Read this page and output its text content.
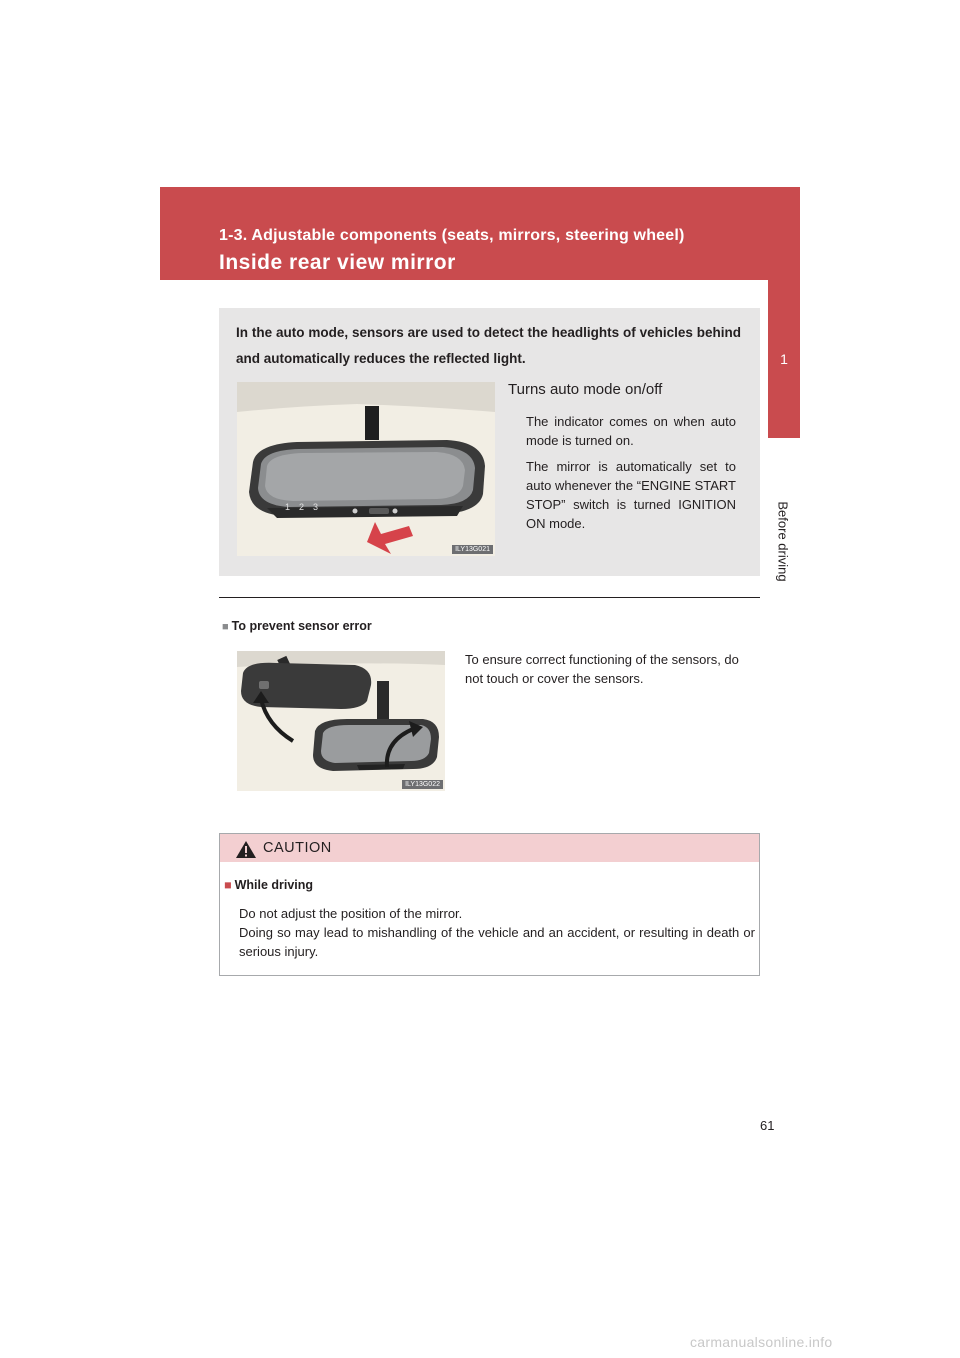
1-3. Adjustable components (seats, mirrors, steering wheel)
Inside rear view mirror
1
Before driving
In the auto mode, sensors are used to detect the headlights of vehicles behind and automatically reduces the reflected light.
123
ILY13G021
Turns auto mode on/off
The indicator comes on when auto mode is turned on.
The mirror is automatically set to auto whenever the “ENGINE START STOP” switch is turned IGNITION ON mode.
■ To prevent sensor error
ILY13G022
To ensure correct functioning of the sensors, do not touch or cover the sensors.
CAUTION
■ While driving
Do not adjust the position of the mirror.
Doing so may lead to mishandling of the vehicle and an accident, or resulting in death or serious injury.
61
carmanualsonline.info
